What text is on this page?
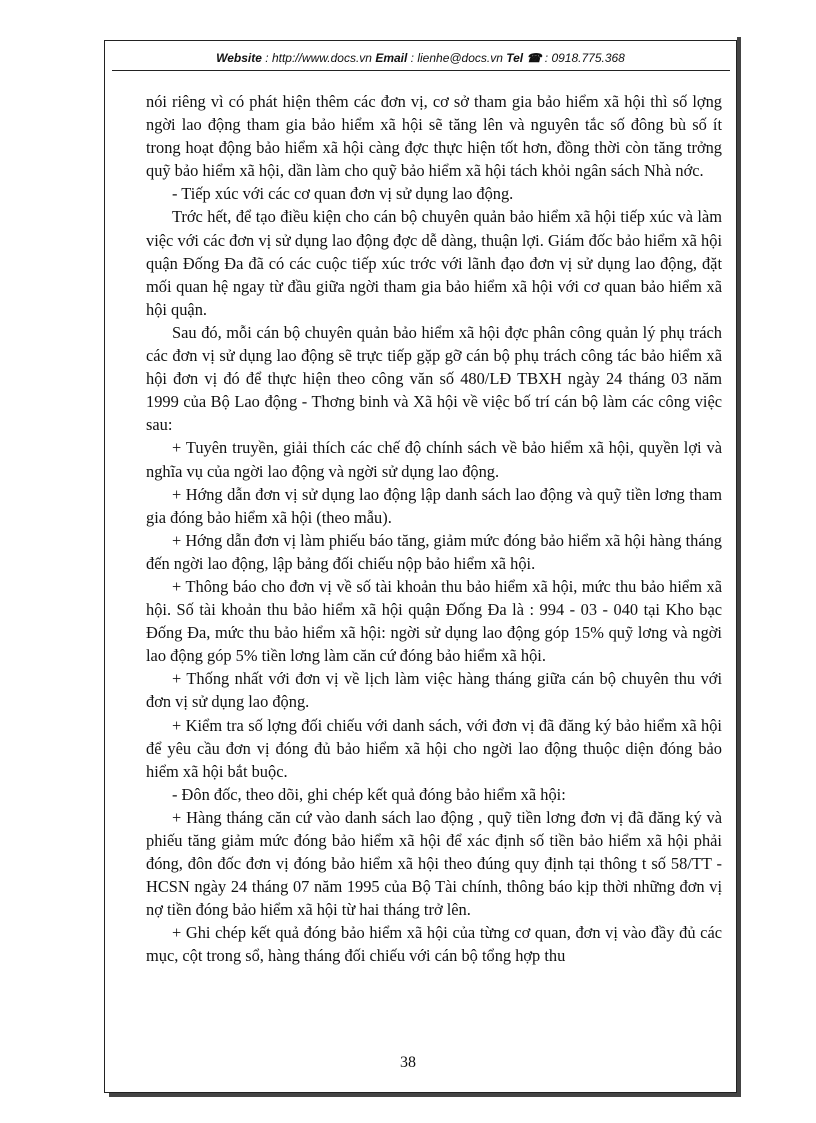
Website : http://www.docs.vn Email : lienhe@docs.vn Tel ☎ : 0918.775.368

nói riêng vì có phát hiện thêm các đơn vị, cơ sở tham gia bảo hiểm xã hội thì số lợng ngời lao động tham gia bảo hiểm xã hội sẽ tăng lên và nguyên tắc số đông bù số ít trong hoạt động bảo hiểm xã hội càng đợc thực hiện tốt hơn, đồng thời còn tăng trởng quỹ bảo hiểm xã hội, dần làm cho quỹ bảo hiểm xã hội tách khỏi ngân sách Nhà nớc.

- Tiếp xúc với các cơ quan đơn vị sử dụng lao động.

Trớc hết, để tạo điều kiện cho cán bộ chuyên quản bảo hiểm xã hội tiếp xúc và làm việc với các đơn vị sử dụng lao động đợc dễ dàng, thuận lợi. Giám đốc bảo hiểm xã hội quận Đống Đa đã có các cuộc tiếp xúc trớc với lãnh đạo đơn vị sử dụng lao động, đặt mối quan hệ ngay từ đầu giữa ngời tham gia bảo hiểm xã hội với cơ quan bảo hiểm xã hội quận.

Sau đó, mỗi cán bộ chuyên quản bảo hiểm xã hội đợc phân công quản lý phụ trách các đơn vị sử dụng lao động sẽ trực tiếp gặp gỡ cán bộ phụ trách công tác bảo hiểm xã hội đơn vị đó để thực hiện theo công văn số 480/LĐ TBXH ngày 24 tháng 03 năm 1999 của Bộ Lao động - Thơng binh và Xã hội về việc bố trí cán bộ làm các công việc sau:

+ Tuyên truyền, giải thích các chế độ chính sách về bảo hiểm xã hội, quyền lợi và nghĩa vụ của ngời lao động và ngời sử dụng lao động.

+ Hớng dẫn đơn vị sử dụng lao động lập danh sách lao động và quỹ tiền lơng tham gia đóng bảo hiểm xã hội (theo mẫu).

+ Hớng dẫn đơn vị làm phiếu báo tăng, giảm mức đóng bảo hiểm xã hội hàng tháng đến ngời lao động, lập bảng đối chiếu nộp bảo hiểm xã hội.

+ Thông báo cho đơn vị về số tài khoản thu bảo hiểm xã hội, mức thu bảo hiểm xã hội. Số tài khoản thu bảo hiểm xã hội quận Đống Đa là : 994 - 03 - 040 tại Kho bạc Đống Đa, mức thu bảo hiểm xã hội: ngời sử dụng lao động góp 15% quỹ lơng và ngời lao động góp 5% tiền lơng làm căn cứ đóng bảo hiểm xã hội.

+ Thống nhất với đơn vị về lịch làm việc hàng tháng giữa cán bộ chuyên thu với đơn vị sử dụng lao động.

+ Kiểm tra số lợng đối chiếu với danh sách, với đơn vị đã đăng ký bảo hiểm xã hội để yêu cầu đơn vị đóng đủ bảo hiểm xã hội cho ngời lao động thuộc diện đóng bảo hiểm xã hội bắt buộc.

- Đôn đốc, theo dõi, ghi chép kết quả đóng bảo hiểm xã hội:

+ Hàng tháng căn cứ vào danh sách lao động , quỹ tiền lơng đơn vị đã đăng ký và phiếu tăng giảm mức đóng bảo hiểm xã hội để xác định số tiền bảo hiểm xã hội phải đóng, đôn đốc đơn vị đóng bảo hiểm xã hội theo đúng quy định tại thông t số 58/TT - HCSN ngày 24 tháng 07 năm 1995 của Bộ Tài chính, thông báo kịp thời những đơn vị nợ tiền đóng bảo hiểm xã hội từ hai tháng trở lên.

+ Ghi chép kết quả đóng bảo hiểm xã hội của từng cơ quan, đơn vị vào đầy đủ các mục, cột trong sổ, hàng tháng đối chiếu với cán bộ tổng hợp thu

38
